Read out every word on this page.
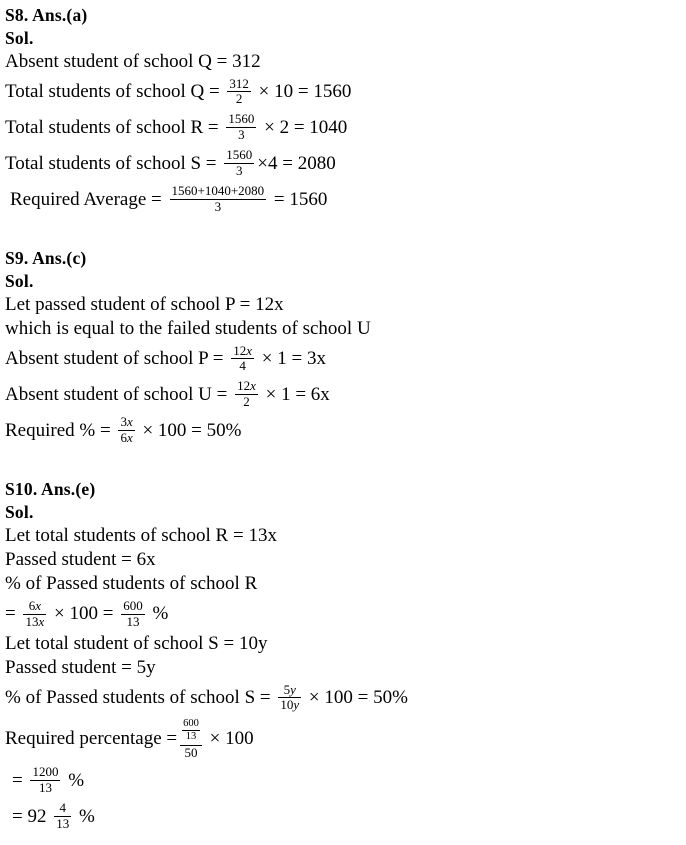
S8. Ans.(a)
Sol.
Absent student of school Q = 312
Total students of school $Q = \frac{312}{2} \times 10 = 1560$
Total students of school $R = \frac{1560}{3} \times 2 = 1040$
Total students of school $S = \frac{1560}{3} \times 4 = 2080$
Required Average = $\frac{1560+1040+2080}{3} = 1560$
S9. Ans.(c)
Sol.
Let passed student of school P = 12x
which is equal to the failed students of school U
Absent student of school $P = \frac{12x}{4} \times 1 = 3x$
Absent student of school $U = \frac{12x}{2} \times 1 = 6x$
Required % = $\frac{3x}{6x} \times 100 = 50\%$
S10. Ans.(e)
Sol.
Let total students of school R = 13x
Passed student = 6x
% of Passed students of school R
= $\frac{6x}{13x} \times 100 = \frac{600}{13}$ %
Let total student of school S = 10y
Passed student = 5y
% of Passed students of school $S = \frac{5y}{10y} \times 100 = 50\%$
Required percentage = $\frac{\frac{600}{13}}{50} \times 100$
= $\frac{1200}{13}$ %
= $92 \frac{4}{13}$ %
